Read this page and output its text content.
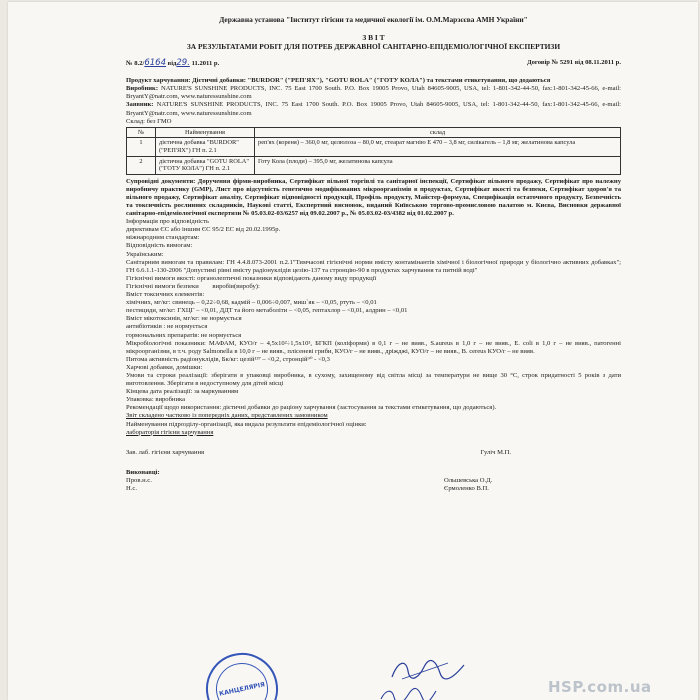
Державна установа "Інститут гігієни та медичної екології ім. О.М.Марзєєва АМН України"
З В І Т
ЗА РЕЗУЛЬТАТАМИ РОБІТ ДЛЯ ПОТРЕБ ДЕРЖАВНОЇ САНІТАРНО-ЕПІДЕМІОЛОГІЧНОЇ ЕКСПЕРТИЗИ
№ 8.2/6164 від29. 11.2011 р.	Договір № 5291 від 08.11.2011 р.
Продукт харчування: Дієтичні добавки: "BURDOR" ("РЕП'ЯХ"), "GOTU ROLA" ("ГОТУ КОЛА") та текстами етикетування, що додаються
Виробник: NATURE'S SUNSHINE PRODUCTS, INC. 75 East 1700 South. P.O. Box 19005 Provo, Utah 84605-9005, USA, tel: 1-801-342-44-50, fax:1-801-342-45-66, e-mail: BryantY@natr.com, www.naturessunshine.com
Заявник: NATURE'S SUNSHINE PRODUCTS, INC. 75 East 1700 South. P.O. Box 19005 Provo, Utah 84605-9005, USA, tel: 1-801-342-44-50, fax:1-801-342-45-66, e-mail: BryantY@natr.com, www.naturessunshine.com
Склад: без ГМО
№	Найменування	склад
1	дієтична добавка "BURDOR" ("РЕП'ЯХ") ГН п. 2.1	реп'ях (кореня) – 360,0 мг, целюлоза – 80,0 мг, стеарат магнію Е 470 – 3,8 мг, силікагель – 1,8 мг, желатинова капсула
2	дієтична добавка "GOTU ROLA" ("ГОТУ КОЛА") ГН п. 2.1	Готу Кола (плоди) – 395,0 мг, желатинова капсула
Супровідні документи: Доручення фірми-виробника, Сертифікат вільної торгівлі та санітарної інспекції, Сертифікат вільного продажу, Сертифікат про належну виробничу практику (GMP), Лист про відсутність генетично модифікованих мікроорганізмів в продуктах, Сертифікат якості та безпеки, Сертифікат здоров'я та вільного продажу, Сертифікат аналізу, Сертифікат відповідності продукції, Профіль продукту, Майстер-формула, Специфікація остаточного продукту, Безпечність та токсичність рослинних складників, Наукові статті, Експертний висновок, виданий Київською торгово-промисловою палатою м. Києва, Висновки державної санітарно-епідеміологічної експертизи № 05.03.02-03/6257 від 09.02.2007 р., № 05.03.02-03/4382 від 01.02.2007 р.
Інформація про відповідність
директивам ЄС або іншим ЄС 95/2 ЕС від 20.02.1995р.
міжнародним стандартам:
Відповідність вимогам:
Українським:
Санітарним вимогам та правилам: ГН 4.4.8.073-2001 п.2.1"Тимчасові гігієнічні норми вмісту контамінантів хімічної і біологічної природи у біологічно активних добавках"; ГН 6.6.1.1-130-2006 "Допустимі рівні вмісту радіонуклідів цезію-137 та стронцію-90 в продуктах харчування та питній воді"
Гігієнічні вимоги якості: органолептичні показники відповідають даному виду продукції
Гігієнічні вимоги безпеки виробів(виробу):
Вміст токсичних елементів:
хімічних, мг/кг: свинець – 0,22÷0,68, кадмій – 0,006÷0,007, миш`як – <0,05, ртуть – <0,01
пестициди, мг/кг: ГХЦГ – <0,01, ДДТ та його метаболіти – <0,05, гептахлор – <0,01, алдрин – <0,01
Вміст мікотоксинів, мг/кг: не нормується
антибіотиків : не нормується
гормональних препаратів: не нормується
Мікробіологічні показники: МАФАМ, КУО/г – 4,5х10²÷1,5х10³, БГКП (коліформи) в 0,1 г – не вияв., S.aureus в 1,0 г – не вияв., E. coli в 1,0 г – не вияв., патогенні мікроорганізми, в т.ч. роду Salmonella в 10,0 г – не вияв., плісеневі гриби, КУО/г – не вияв., дріжджі, КУО/г – не вияв., B. cereus КУО/г – не вияв.
Питома активність радіонуклідів, Бк/кг: цезій¹³⁷ – <0,2, стронцій⁹⁰ - <0,3
Харчові добавки, домішки:
Умови та строки реалізації: зберігати в упаковці виробника, в сухому, захищеному від світла місці за температури не вище 30 °С, строк придатності 5 років з дати виготовлення. Зберігати в недоступному для дітей місці
Кінцева дата реалізації: за маркуванням
Упаковка: виробника
Рекомендації щодо використання: дієтичні добавки до раціону харчування (застосування за текстами етикетування, що додаються).
Звіт складено частково із попередніх даних, представлених замовником
Найменування підрозділу-організації, яка видала результати епідеміологічної оцінки:
лабораторія гігієни харчування
Зав. лаб. гігієни харчування	Гуліч М.П.
Виконавці:
Пров.н.с.	Ольшевська О.Д.
Н.с.	Єрмоленко В.П.
КАНЦЕЛЯРІЯ	HSP.com.ua
